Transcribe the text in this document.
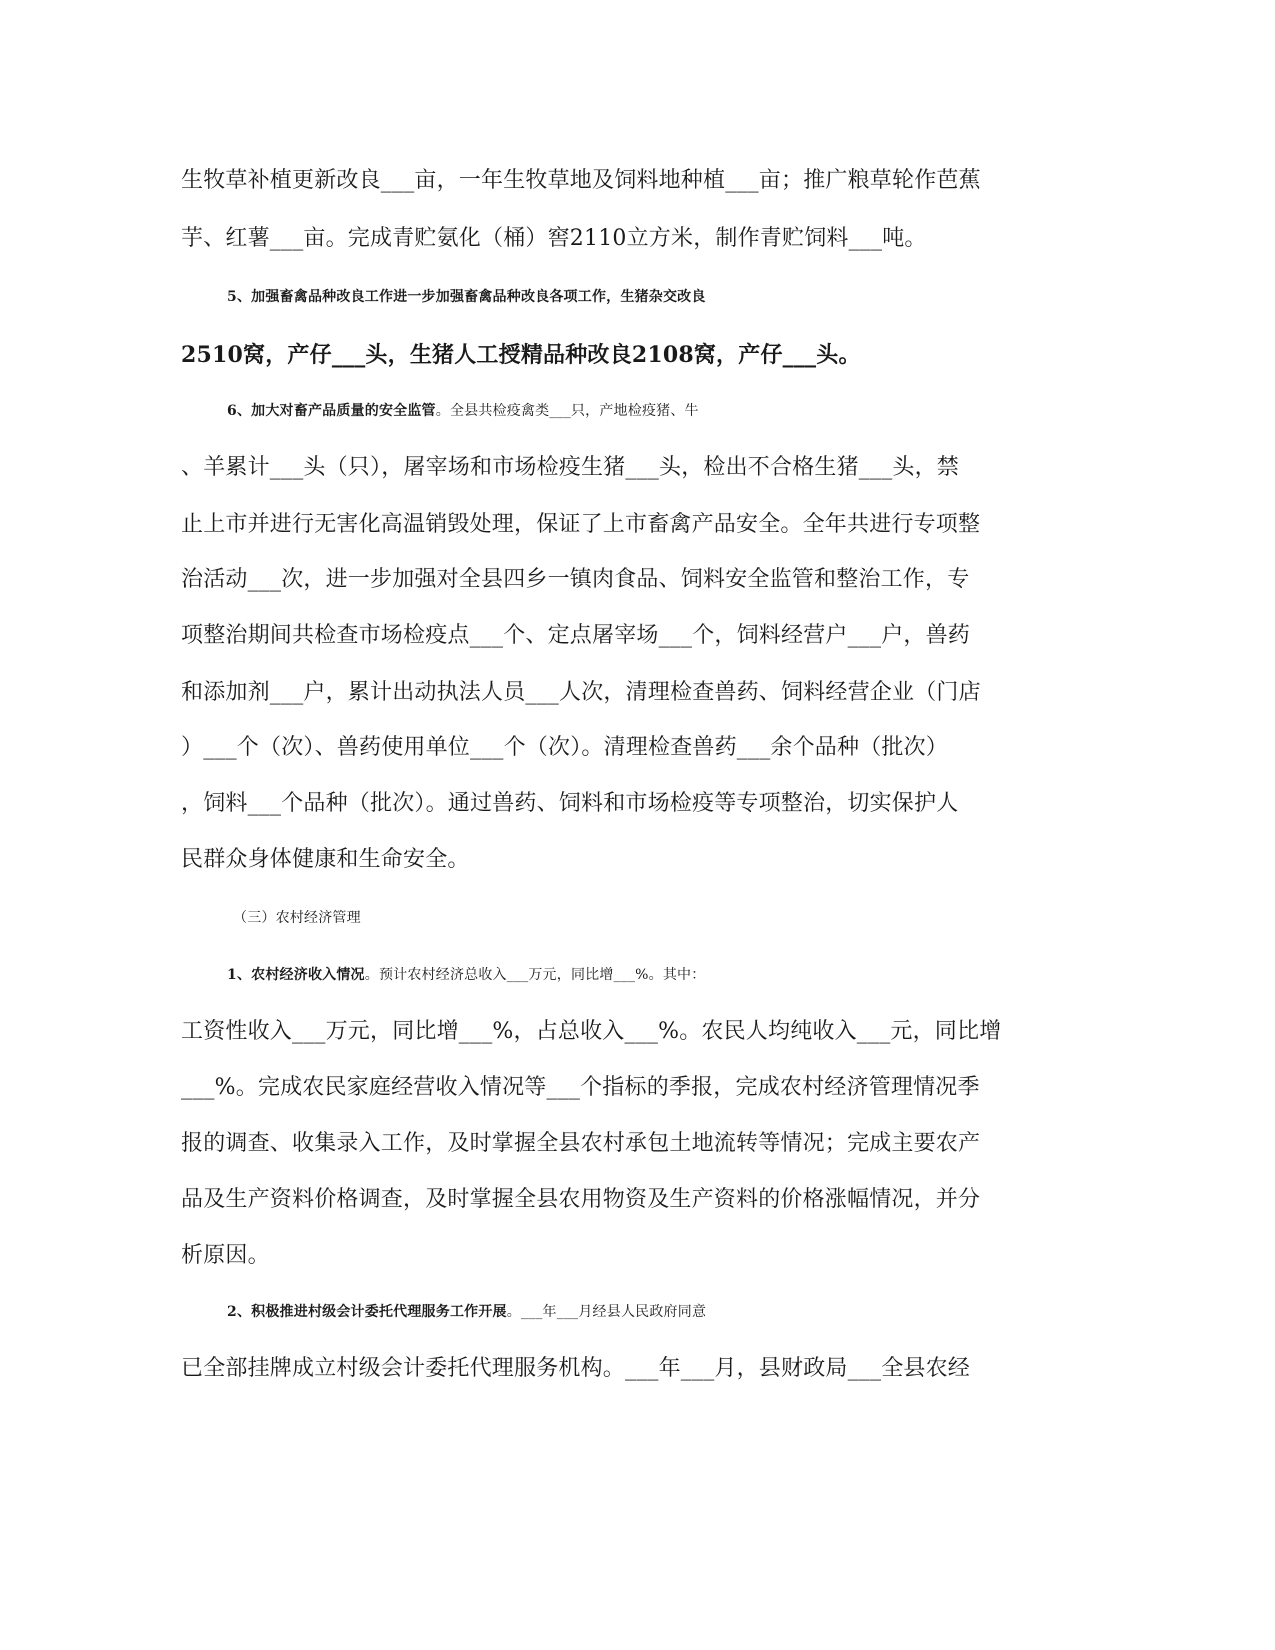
生牧草补植更新改良___亩，一年生牧草地及饲料地种植___亩；推广粮草轮作芭蕉

芋、红薯___亩。完成青贮氨化（桶）窖2110立方米，制作青贮饲料___吨。

5、加强畜禽品种改良工作进一步加强畜禽品种改良各项工作，生猪杂交改良

2510窝，产仔___头，生猪人工授精品种改良2108窝，产仔___头。

6、加大对畜产品质量的安全监管。全县共检疫禽类___只，产地检疫猪、牛

、羊累计___头（只），屠宰场和市场检疫生猪___头，检出不合格生猪___头，禁

止上市并进行无害化高温销毁处理，保证了上市畜禽产品安全。全年共进行专项整

治活动___次，进一步加强对全县四乡一镇肉食品、饲料安全监管和整治工作，专

项整治期间共检查市场检疫点___个、定点屠宰场___个，饲料经营户___户，兽药

和添加剂___户，累计出动执法人员___人次，清理检查兽药、饲料经营企业（门店

）___个（次）、兽药使用单位___个（次）。清理检查兽药___余个品种（批次）

，饲料___个品种（批次）。通过兽药、饲料和市场检疫等专项整治，切实保护人

民群众身体健康和生命安全。

（三）农村经济管理

1、农村经济收入情况。预计农村经济总收入___万元，同比增___%。其中：

工资性收入___万元，同比增___%，占总收入___%。农民人均纯收入___元，同比增

___%。完成农民家庭经营收入情况等___个指标的季报，完成农村经济管理情况季

报的调查、收集录入工作，及时掌握全县农村承包土地流转等情况；完成主要农产

品及生产资料价格调查，及时掌握全县农用物资及生产资料的价格涨幅情况，并分

析原因。

2、积极推进村级会计委托代理服务工作开展。___年___月经县人民政府同意

已全部挂牌成立村级会计委托代理服务机构。___年___月，县财政局___全县农经
